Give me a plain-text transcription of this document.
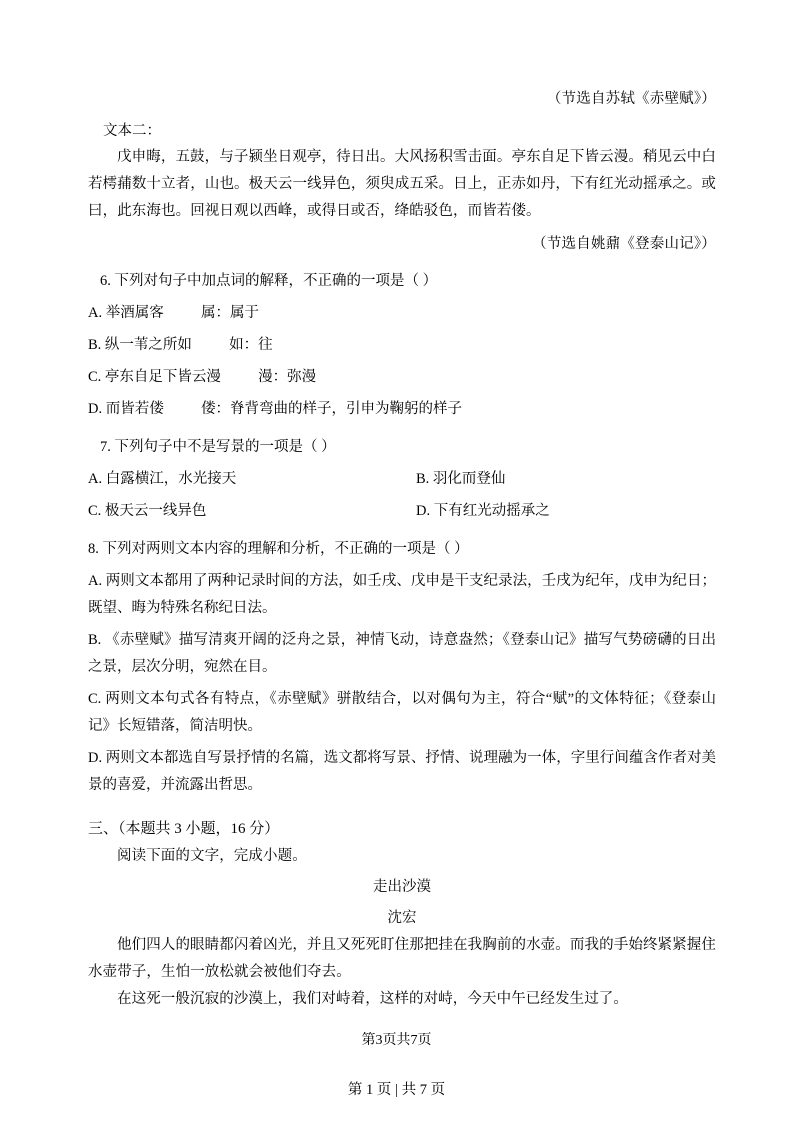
（节选自苏轼《赤壁赋》）
文本二：
戊申晦，五鼓，与子颍坐日观亭，待日出。大风扬积雪击面。亭东自足下皆云漫。稍见云中白若樗蒱数十立者，山也。极天云一线异色，须臾成五采。日上，正赤如丹，下有红光动摇承之。或曰，此东海也。回视日观以西峰，或得日或否，绛皓驳色，而皆若偻。
（节选自姚鼐《登泰山记》）
6. 下列对句子中加点词的解释，不正确的一项是（ ）
A. 举酒属客	属：属于
B. 纵一苇之所如	如：往
C. 亭东自足下皆云漫	漫：弥漫
D. 而皆若偻	偻：脊背弯曲的样子，引申为鞠躬的样子
7. 下列句子中不是写景的一项是（ ）
A. 白露横江，水光接天	B. 羽化而登仙
C. 极天云一线异色	D. 下有红光动摇承之
8. 下列对两则文本内容的理解和分析，不正确的一项是（ ）
A. 两则文本都用了两种记录时间的方法，如壬戌、戊申是干支纪录法，壬戌为纪年，戊申为纪日；既望、晦为特殊名称纪日法。
B. 《赤壁赋》描写清爽开阔的泛舟之景，神情飞动，诗意盎然；《登泰山记》描写气势磅礴的日出之景，层次分明，宛然在目。
C. 两则文本句式各有特点，《赤壁赋》骈散结合，以对偶句为主，符合“赋”的文体特征；《登泰山记》长短错落，简洁明快。
D. 两则文本都选自写景抒情的名篇，选文都将写景、抒情、说理融为一体，字里行间蕴含作者对美景的喜爱，并流露出哲思。
三、（本题共 3 小题，16 分）
阅读下面的文字，完成小题。
走出沙漠
沈宏
他们四人的眼睛都闪着凶光，并且又死死盯住那把挂在我胸前的水壶。而我的手始终紧紧握住水壶带子，生怕一放松就会被他们夺去。
在这死一般沉寂的沙漠上，我们对峙着，这样的对峙，今天中午已经发生过了。
第3页共7页
第 1 页 | 共 7 页
